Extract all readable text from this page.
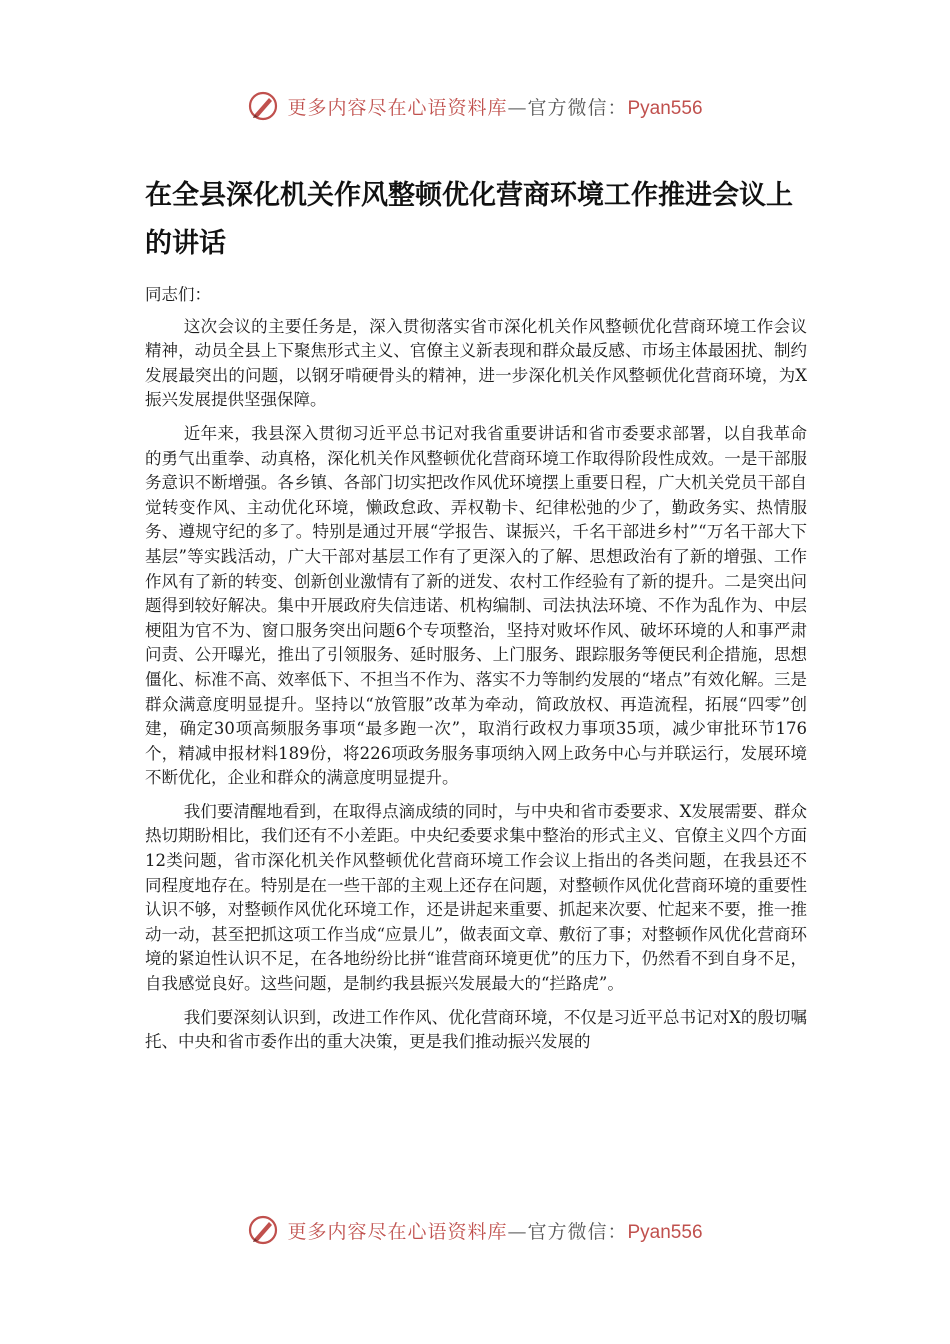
更多内容尽在心语资料库—官方微信：Pyan556
在全县深化机关作风整顿优化营商环境工作推进会议上的讲话

同志们：

这次会议的主要任务是，深入贯彻落实省市深化机关作风整顿优化营商环境工作会议精神，动员全县上下聚焦形式主义、官僚主义新表现和群众最反感、市场主体最困扰、制约发展最突出的问题，以钢牙啃硬骨头的精神，进一步深化机关作风整顿优化营商环境，为X振兴发展提供坚强保障。

近年来，我县深入贯彻习近平总书记对我省重要讲话和省市委要求部署，以自我革命的勇气出重拳、动真格，深化机关作风整顿优化营商环境工作取得阶段性成效。一是干部服务意识不断增强。各乡镇、各部门切实把改作风优环境摆上重要日程，广大机关党员干部自觉转变作风、主动优化环境，懒政怠政、弄权勒卡、纪律松弛的少了，勤政务实、热情服务、遵规守纪的多了。特别是通过开展“学报告、谋振兴，千名干部进乡村”“万名干部大下基层”等实践活动，广大干部对基层工作有了更深入的了解、思想政治有了新的增强、工作作风有了新的转变、创新创业激情有了新的迸发、农村工作经验有了新的提升。二是突出问题得到较好解决。集中开展政府失信违诺、机构编制、司法执法环境、不作为乱作为、中层梗阻为官不为、窗口服务突出问题6个专项整治，坚持对败坏作风、破坏环境的人和事严肃问责、公开曝光，推出了引领服务、延时服务、上门服务、跟踪服务等便民利企措施，思想僵化、标准不高、效率低下、不担当不作为、落实不力等制约发展的“堵点”有效化解。三是群众满意度明显提升。坚持以“放管服”改革为牵动，简政放权、再造流程，拓展“四零”创建，确定30项高频服务事项“最多跑一次”，取消行政权力事项35项，减少审批环节176个，精减申报材料189份，将226项政务服务事项纳入网上政务中心与并联运行，发展环境不断优化，企业和群众的满意度明显提升。

我们要清醒地看到，在取得点滴成绩的同时，与中央和省市委要求、X发展需要、群众热切期盼相比，我们还有不小差距。中央纪委要求集中整治的形式主义、官僚主义四个方面12类问题，省市深化机关作风整顿优化营商环境工作会议上指出的各类问题，在我县还不同程度地存在。特别是在一些干部的主观上还存在问题，对整顿作风优化营商环境的重要性认识不够，对整顿作风优化环境工作，还是讲起来重要、抓起来次要、忙起来不要，推一推动一动，甚至把抓这项工作当成“应景儿”，做表面文章、敷衍了事；对整顿作风优化营商环境的紧迫性认识不足，在各地纷纷比拼“谁营商环境更优”的压力下，仍然看不到自身不足，自我感觉良好。这些问题，是制约我县振兴发展最大的“拦路虎”。

我们要深刻认识到，改进工作作风、优化营商环境，不仅是习近平总书记对X的殷切嘱托、中央和省市委作出的重大决策，更是我们推动振兴发展的

更多内容尽在心语资料库—官方微信：Pyan556
